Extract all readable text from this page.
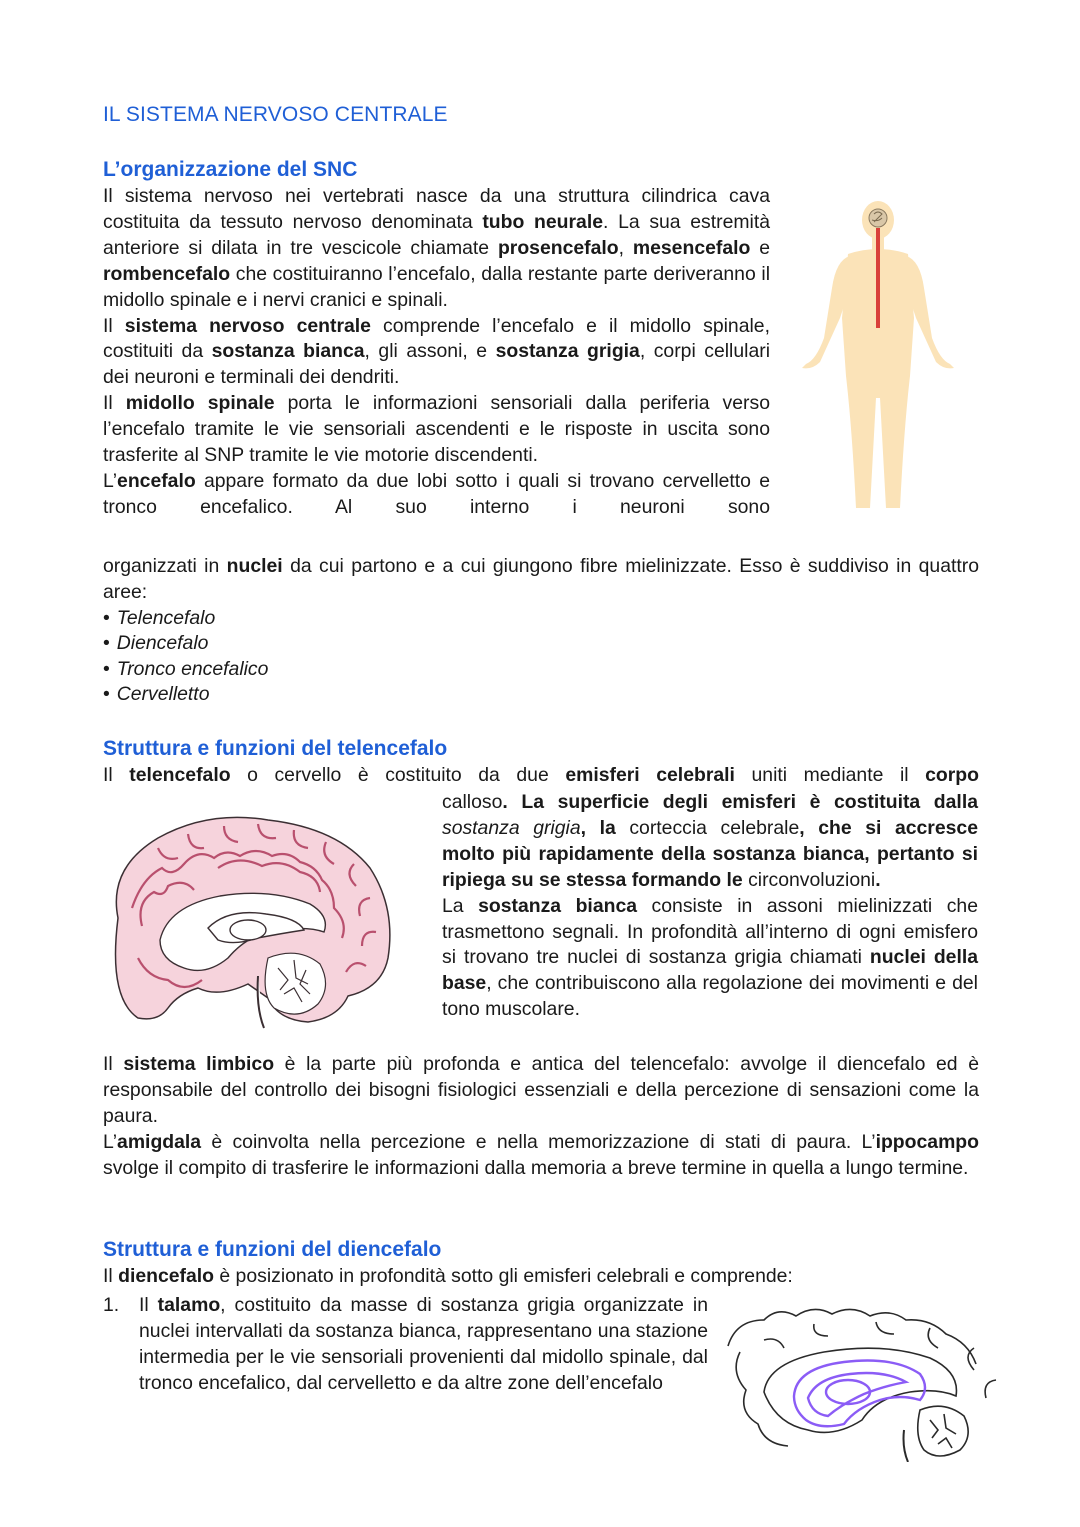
IL SISTEMA NERVOSO CENTRALE
L’organizzazione del SNC

Il sistema nervoso nei vertebrati nasce da una struttura cilindrica cava costituita da tessuto nervoso denominata tubo neurale. La sua estremità anteriore si dilata in tre vescicole chiamate prosencefalo, mesencefalo e rombencefalo che costituiranno l’encefalo, dalla restante parte deriveranno il midollo spinale e i nervi cranici e spinali.

Il sistema nervoso centrale comprende l’encefalo e il midollo spinale, costituiti da sostanza bianca, gli assoni, e sostanza grigia, corpi cellulari dei neuroni e terminali dei dendriti.

Il midollo spinale porta le informazioni sensoriali dalla periferia verso l’encefalo tramite le vie sensoriali ascendenti e le risposte in uscita sono trasferite al SNP tramite le vie motorie discendenti.

L’encefalo appare formato da due lobi sotto i quali si trovano cervelletto e tronco encefalico. Al suo interno i neuroni sono

organizzati in nuclei da cui partono e a cui giungono fibre mielinizzate. Esso è suddiviso in quattro aree:

• Telencefalo
• Diencefalo
• Tronco encefalico
• Cervelletto
Struttura e funzioni del telencefalo

Il telencefalo o cervello è costituito da due emisferi celebrali uniti mediante il corpo

calloso. La superficie degli emisferi è costituita dalla sostanza grigia, la corteccia celebrale, che si accresce molto più rapidamente della sostanza bianca, pertanto si ripiega su se stessa formando le circonvoluzioni.

La sostanza bianca consiste in assoni mielinizzati che trasmettono segnali. In profondità all’interno di ogni emisfero si trovano tre nuclei di sostanza grigia chiamati nuclei della base, che contribuiscono alla regolazione dei movimenti e del tono muscolare.

Il sistema limbico è la parte più profonda e antica del telencefalo: avvolge il diencefalo ed è responsabile del controllo dei bisogni fisiologici essenziali e della percezione di sensazioni come la paura.

L’amigdala è coinvolta nella percezione e nella memorizzazione di stati di paura. L’ippocampo svolge il compito di trasferire le informazioni dalla memoria a breve termine in quella a lungo termine.

Struttura e funzioni del diencefalo

Il diencefalo è posizionato in profondità sotto gli emisferi celebrali e comprende:

1. Il talamo, costituito da masse di sostanza grigia organizzate in nuclei intervallati da sostanza bianca, rappresentano una stazione intermedia per le vie sensoriali provenienti dal midollo spinale, dal tronco encefalico, dal cervelletto e da altre zone dell’encefalo
